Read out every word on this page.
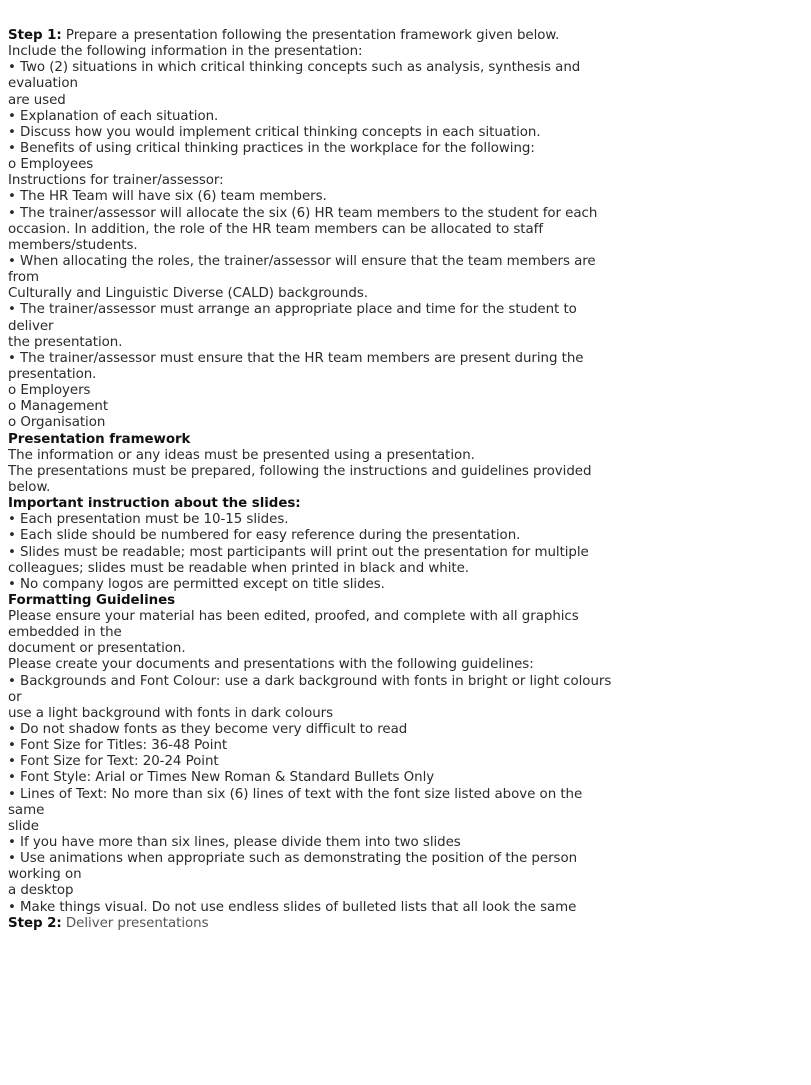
Step 1: Prepare a presentation following the presentation framework given below.
Include the following information in the presentation:
• Two (2) situations in which critical thinking concepts such as analysis, synthesis and
evaluation
are used
• Explanation of each situation.
• Discuss how you would implement critical thinking concepts in each situation.
• Benefits of using critical thinking practices in the workplace for the following:
o Employees
Instructions for trainer/assessor:
• The HR Team will have six (6) team members.
• The trainer/assessor will allocate the six (6) HR team members to the student for each
occasion. In addition, the role of the HR team members can be allocated to staff
members/students.
• When allocating the roles, the trainer/assessor will ensure that the team members are
from
Culturally and Linguistic Diverse (CALD) backgrounds.
• The trainer/assessor must arrange an appropriate place and time for the student to
deliver
the presentation.
• The trainer/assessor must ensure that the HR team members are present during the
presentation.
o Employers
o Management
o Organisation
Presentation framework
The information or any ideas must be presented using a presentation.
The presentations must be prepared, following the instructions and guidelines provided
below.
Important instruction about the slides:
• Each presentation must be 10-15 slides.
• Each slide should be numbered for easy reference during the presentation.
• Slides must be readable; most participants will print out the presentation for multiple
colleagues; slides must be readable when printed in black and white.
• No company logos are permitted except on title slides.
Formatting Guidelines
Please ensure your material has been edited, proofed, and complete with all graphics
embedded in the
document or presentation.
Please create your documents and presentations with the following guidelines:
• Backgrounds and Font Colour: use a dark background with fonts in bright or light colours
or
use a light background with fonts in dark colours
• Do not shadow fonts as they become very difficult to read
• Font Size for Titles: 36-48 Point
• Font Size for Text: 20-24 Point
• Font Style: Arial or Times New Roman & Standard Bullets Only
• Lines of Text: No more than six (6) lines of text with the font size listed above on the
same
slide
• If you have more than six lines, please divide them into two slides
• Use animations when appropriate such as demonstrating the position of the person
working on
a desktop
• Make things visual. Do not use endless slides of bulleted lists that all look the same
Step 2: Deliver presentations
